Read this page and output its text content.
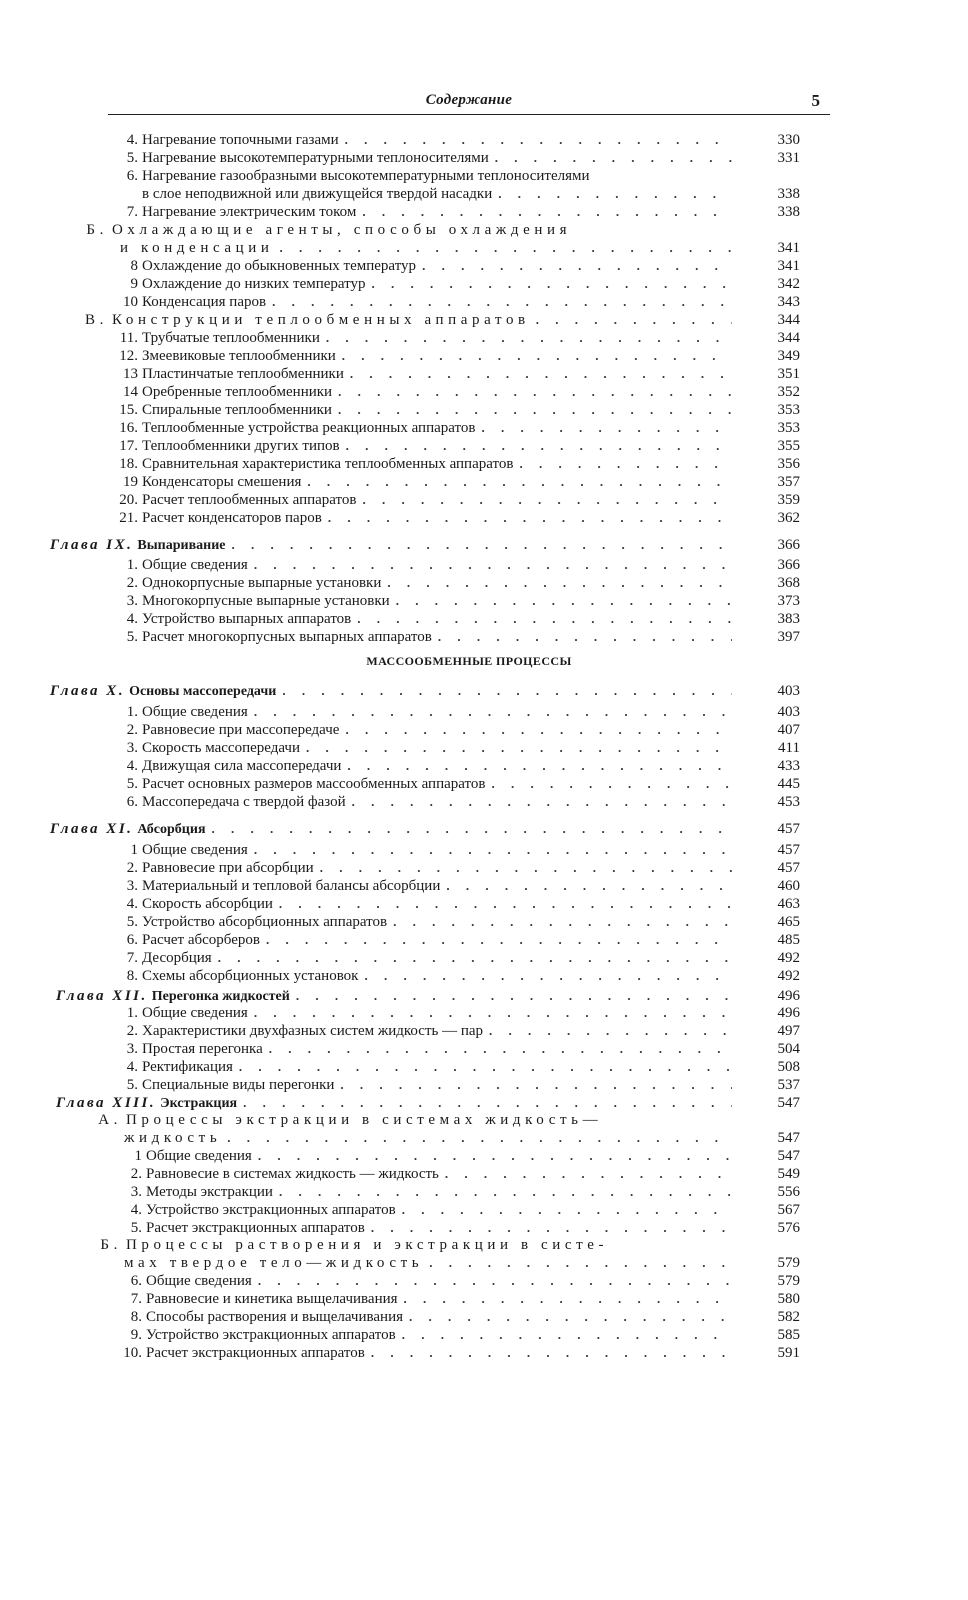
Содержание	5
МАССООБМЕННЫЕ ПРОЦЕССЫ
4. Нагревание топочными газами . . .	330
5. Нагревание высокотемпературными теплоносителями . . .	331
6. Нагревание газообразными высокотемпературными теплоносителями
в слое неподвижной или движущейся твердой насадки . . .	338
7. Нагревание электрическим током . . .	338
Б. Охлаждающие агенты, способы охлаждения
и конденсации . . .	341
8 Охлаждение до обыкновенных температур . . .	341
9 Охлаждение до низких температур . . .	342
10 Конденсация паров . . .	343
В. Конструкции теплообменных аппаратов . . .	344
11. Трубчатые теплообменники . . .	344
12. Змеевиковые теплообменники . . .	349
13 Пластинчатые теплообменники . . .	351
14 Оребренные теплообменники . . .	352
15. Спиральные теплообменники . . .	353
16. Теплообменные устройства реакционных аппаратов . . .	353
17. Теплообменники других типов . . .	355
18. Сравнительная характеристика теплообменных аппаратов . . .	356
19 Конденсаторы смешения . . .	357
20. Расчет теплообменных аппаратов . . .	359
21. Расчет конденсаторов паров . . .	362
Глава IX. Выпаривание . . .	366
1. Общие сведения . . .	366
2. Однокорпусные выпарные установки . . .	368
3. Многокорпусные выпарные установки . . .	373
4. Устройство выпарных аппаратов . . .	383
5. Расчет многокорпусных выпарных аппаратов . . .	397
Глава X. Основы массопередачи . . .	403
1. Общие сведения . . .	403
2. Равновесие при массопередаче . . .	407
3. Скорость массопередачи . . .	411
4. Движущая сила массопередачи . . .	433
5. Расчет основных размеров массообменных аппаратов . . .	445
6. Массопередача с твердой фазой . . .	453
Глава XI. Абсорбция . . .	457
1 Общие сведения . . .	457
2. Равновесие при абсорбции . . .	457
3. Материальный и тепловой балансы абсорбции . . .	460
4. Скорость абсорбции . . .	463
5. Устройство абсорбционных аппаратов . . .	465
6. Расчет абсорберов . . .	485
7. Десорбция . . .	492
8. Схемы абсорбционных установок . . .	492
Глава XII. Перегонка жидкостей . . .	496
1. Общие сведения . . .	496
2. Характеристики двухфазных систем жидкость — пар . . .	497
3. Простая перегонка . . .	504
4. Ректификация . . .	508
5. Специальные виды перегонки . . .	537
Глава XIII. Экстракция . . .	547
А. Процессы экстракции в системах жидкость—
жидкость . . .	547
1 Общие сведения . . .	547
2. Равновесие в системах жидкость — жидкость . . .	549
3. Методы экстракции . . .	556
4. Устройство экстракционных аппаратов . . .	567
5. Расчет экстракционных аппаратов . . .	576
Б. Процессы растворения и экстракции в систе-
мах твердое тело—жидкость . . .	579
6. Общие сведения . . .	579
7. Равновесие и кинетика выщелачивания . . .	580
8. Способы растворения и выщелачивания . . .	582
9. Устройство экстракционных аппаратов . . .	585
10. Расчет экстракционных аппаратов . . .	591
